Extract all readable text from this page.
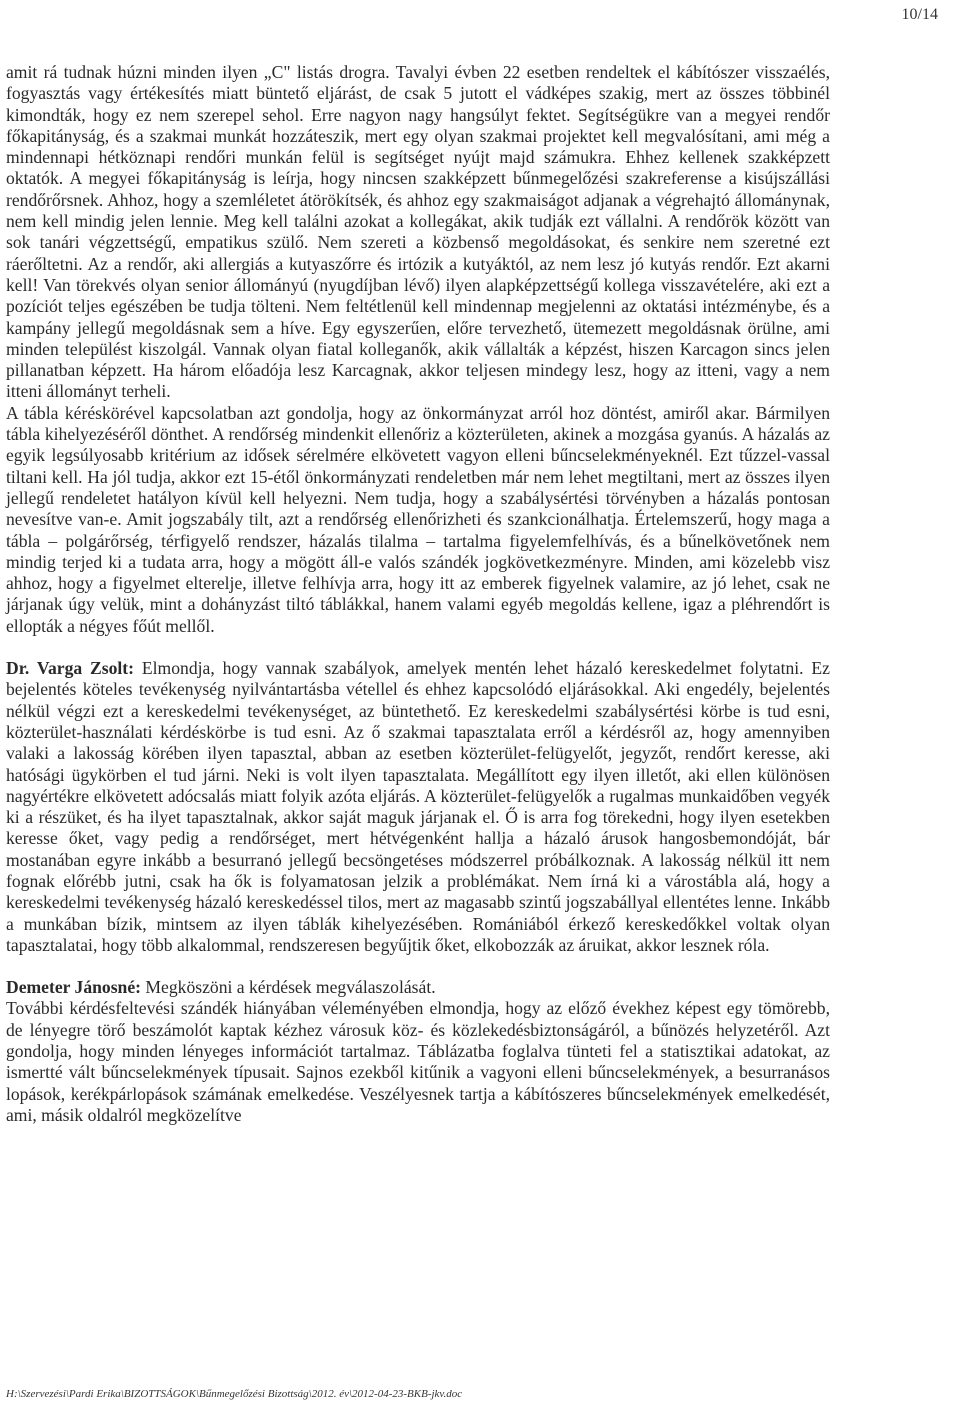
10/14

amit rá tudnak húzni minden ilyen „C" listás drogra. Tavalyi évben 22 esetben rendeltek el kábítószer visszaélés, fogyasztás vagy értékesítés miatt büntető eljárást, de csak 5 jutott el vádképes szakig, mert az összes többinél kimondták, hogy ez nem szerepel sehol. Erre nagyon nagy hangsúlyt fektet. Segítségükre van a megyei rendőr főkapitányság, és a szakmai munkát hozzáteszik, mert egy olyan szakmai projektet kell megvalósítani, ami még a mindennapi hétköznapi rendőri munkán felül is segítséget nyújt majd számukra. Ehhez kellenek szakképzett oktatók. A megyei főkapitányság is leírja, hogy nincsen szakképzett bűnmegelőzési szakreferense a kisújszállási rendőrőrsnek. Ahhoz, hogy a szemléletet átörökítsék, és ahhoz egy szakmaiságot adjanak a végrehajtó állománynak, nem kell mindig jelen lennie. Meg kell találni azokat a kollegákat, akik tudják ezt vállalni. A rendőrök között van sok tanári végzettségű, empatikus szülő. Nem szereti a közbenső megoldásokat, és senkire nem szeretné ezt ráerőltetni. Az a rendőr, aki allergiás a kutyaszőrre és irtózik a kutyáktól, az nem lesz jó kutyás rendőr. Ezt akarni kell! Van törekvés olyan senior állományú (nyugdíjban lévő) ilyen alapképzettségű kollega visszavételére, aki ezt a pozíciót teljes egészében be tudja tölteni. Nem feltétlenül kell mindennap megjelenni az oktatási intézménybe, és a kampány jellegű megoldásnak sem a híve. Egy egyszerűen, előre tervezhető, ütemezett megoldásnak örülne, ami minden települést kiszolgál. Vannak olyan fiatal kolleganők, akik vállalták a képzést, hiszen Karcagon sincs jelen pillanatban képzett. Ha három előadója lesz Karcagnak, akkor teljesen mindegy lesz, hogy az itteni, vagy a nem itteni állományt terheli.

A tábla kéréskörével kapcsolatban azt gondolja, hogy az önkormányzat arról hoz döntést, amiről akar. Bármilyen tábla kihelyezéséről dönthet. A rendőrség mindenkit ellenőriz a közterületen, akinek a mozgása gyanús. A házalás az egyik legsúlyosabb kritérium az idősek sérelmére elkövetett vagyon elleni bűncselekményeknél. Ezt tűzzel-vassal tiltani kell. Ha jól tudja, akkor ezt 15-étől önkormányzati rendeletben már nem lehet megtiltani, mert az összes ilyen jellegű rendeletet hatályon kívül kell helyezni. Nem tudja, hogy a szabálysértési törvényben a házalás pontosan nevesítve van-e. Amit jogszabály tilt, azt a rendőrség ellenőrizheti és szankcionálhatja. Értelemszerű, hogy maga a tábla – polgárőrség, térfigyelő rendszer, házalás tilalma – tartalma figyelemfelhívás, és a bűnelkövetőnek nem mindig terjed ki a tudata arra, hogy a mögött áll-e valós szándék jogkövetkezményre. Minden, ami közelebb visz ahhoz, hogy a figyelmet elterelje, illetve felhívja arra, hogy itt az emberek figyelnek valamire, az jó lehet, csak ne járjanak úgy velük, mint a dohányzást tiltó táblákkal, hanem valami egyéb megoldás kellene, igaz a pléhrendőrt is ellopták a négyes főút mellől.

Dr. Varga Zsolt: Elmondja, hogy vannak szabályok, amelyek mentén lehet házaló kereskedelmet folytatni. Ez bejelentés köteles tevékenység nyilvántartásba vétellel és ehhez kapcsolódó eljárásokkal. Aki engedély, bejelentés nélkül végzi ezt a kereskedelmi tevékenységet, az büntethető. Ez kereskedelmi szabálysértési körbe is tud esni, közterület-használati kérdéskörbe is tud esni. Az ő szakmai tapasztalata erről a kérdésről az, hogy amennyiben valaki a lakosság körében ilyen tapasztal, abban az esetben közterület-felügyelőt, jegyzőt, rendőrt keresse, aki hatósági ügykörben el tud járni. Neki is volt ilyen tapasztalata. Megállított egy ilyen illetőt, aki ellen különösen nagyértékre elkövetett adócsalás miatt folyik azóta eljárás. A közterület-felügyelők a rugalmas munkaidőben vegyék ki a részüket, és ha ilyet tapasztalnak, akkor saját maguk járjanak el. Ő is arra fog törekedni, hogy ilyen esetekben keresse őket, vagy pedig a rendőrséget, mert hétvégenként hallja a házaló árusok hangosbemondóját, bár mostanában egyre inkább a besurranó jellegű becsöngetéses módszerrel próbálkoznak. A lakosság nélkül itt nem fognak előrébb jutni, csak ha ők is folyamatosan jelzik a problémákat. Nem írná ki a várostábla alá, hogy a kereskedelmi tevékenység házaló kereskedéssel tilos, mert az magasabb szintű jogszabállyal ellentétes lenne. Inkább a munkában bízik, mintsem az ilyen táblák kihelyezésében. Romániából érkező kereskedőkkel voltak olyan tapasztalatai, hogy több alkalommal, rendszeresen begyűjtik őket, elkobozzák az áruikat, akkor lesznek róla.

Demeter Jánosné: Megköszöni a kérdések megválaszolását.

További kérdésfeltevési szándék hiányában véleményében elmondja, hogy az előző évekhez képest egy tömörebb, de lényegre törő beszámolót kaptak kézhez városuk köz- és közlekedésbiztonságáról, a bűnözés helyzetéről. Azt gondolja, hogy minden lényeges információt tartalmaz. Táblázatba foglalva tünteti fel a statisztikai adatokat, az ismertté vált bűncselekmények típusait. Sajnos ezekből kitűnik a vagyoni elleni bűncselekmények, a besurranásos lopások, kerékpárlopások számának emelkedése. Veszélyesnek tartja a kábítószeres bűncselekmények emelkedését, ami, másik oldalról megközelítve

H:\Szervezési\Pardi Erika\BIZOTTSÁGOK\Bűnmegelőzési Bizottság\2012. év\2012-04-23-BKB-jkv.doc
